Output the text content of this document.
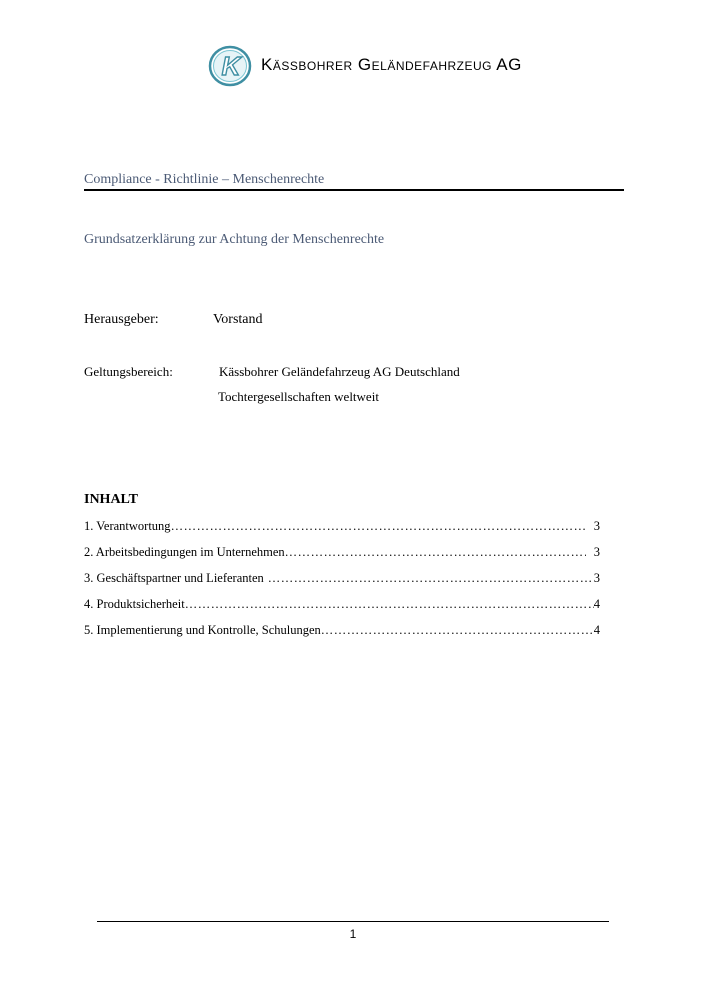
K Kässbohrer Geländefahrzeug AG
Compliance - Richtlinie – Menschenrechte
Grundsatzerklärung zur Achtung der Menschenrechte
Herausgeber:	Vorstand
Geltungsbereich:	Kässbohrer Geländefahrzeug AG Deutschland
Tochtergesellschaften weltweit
INHALT
1. Verantwortung ……………………………………………………………………………………………………………………………………………………	3
2. Arbeitsbedingungen im Unternehmen ……………………………………………………………………………………………………………………………………………………	3
3. Geschäftspartner und Lieferanten ……………………………………………………………………………………………………………………………………………………	3
4. Produktsicherheit ……………………………………………………………………………………………………………………………………………………	4
5. Implementierung und Kontrolle, Schulungen ……………………………………………………………………………………………………………………………………………………	4
1
